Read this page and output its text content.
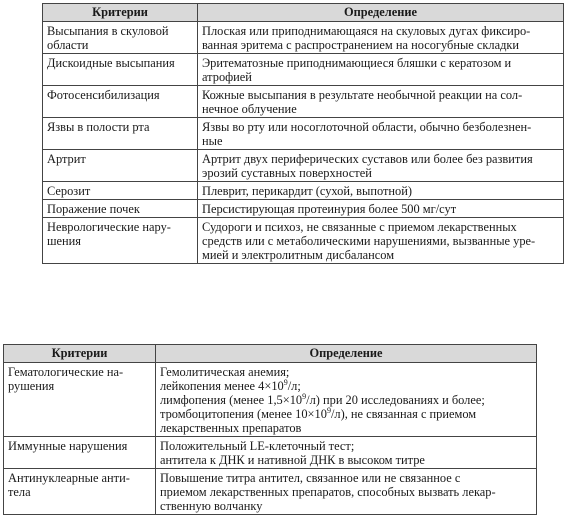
Критерии	Определение

Высыпания в скуловой
области	Плоская или приподнимающаяся на скуловых дугах фиксиро-
ванная эритема с распространением на носогубные складки

Дискоидные высыпания	Эритематозные приподнимающиеся бляшки с кератозом и
атрофией

Фотосенсибилизация	Кожные высыпания в результате необычной реакции на сол-
нечное облучение

Язвы в полости рта	Язвы во рту или носоглоточной области, обычно безболезнен-
ные

Артрит	Артрит двух периферических суставов или более без развития
эрозий суставных поверхностей

Серозит	Плеврит, перикардит (сухой, выпотной)

Поражение почек	Персистирующая протеинурия более 500 мг/сут

Неврологические нару-
шения	Судороги и психоз, не связанные с приемом лекарственных
средств или с метаболическими нарушениями, вызванные уре-
мией и электролитным дисбалансом
Критерии	Определение

Гематологические на-
рушения	Гемолитическая анемия;
лейкопения менее $4\times 10^9/л$;
лимфопения (менее $1,5\times 10^9/л$) при 20 исследованиях и более;
тромбоцитопения (менее $10\times 10^9/л$), не связанная с приемом
лекарственных препаратов

Иммунные нарушения	Положительный LE-клеточный тест;
антитела к ДНК и нативной ДНК в высоком титре

Антинуклеарные анти-
тела	Повышение титра антител, связанное или не связанное с
приемом лекарственных препаратов, способных вызвать лекар-
ственную волчанку
